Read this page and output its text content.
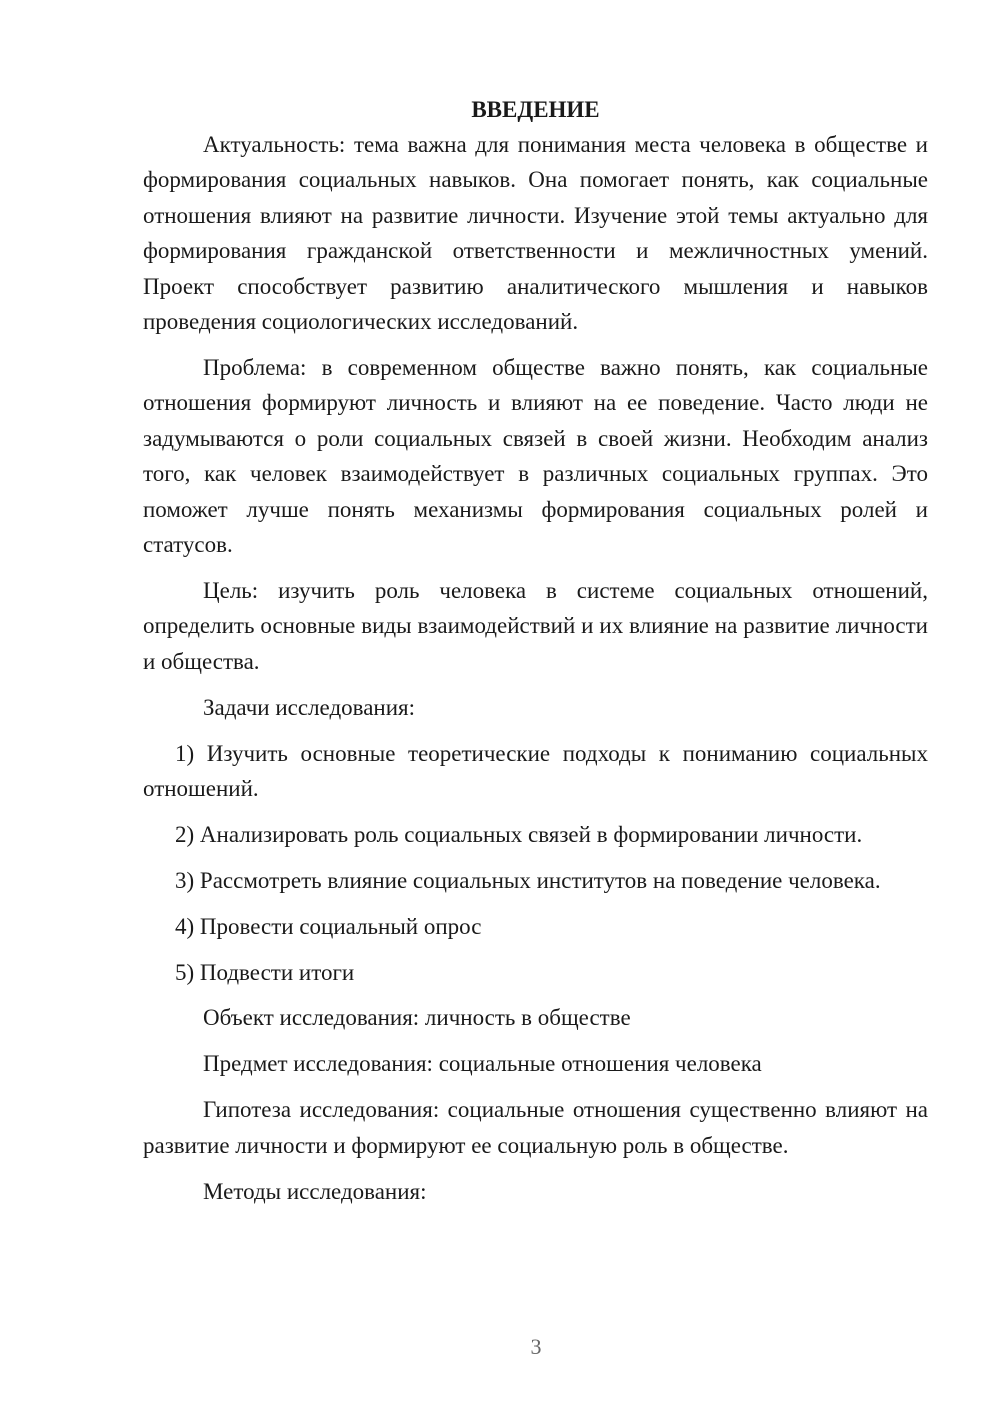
ВВЕДЕНИЕ

Актуальность: тема важна для понимания места человека в обществе и формирования социальных навыков. Она помогает понять, как социальные отношения влияют на развитие личности. Изучение этой темы актуально для формирования гражданской ответственности и межличностных умений. Проект способствует развитию аналитического мышления и навыков проведения социологических исследований.

Проблема: в современном обществе важно понять, как социальные отношения формируют личность и влияют на ее поведение. Часто люди не задумываются о роли социальных связей в своей жизни. Необходим анализ того, как человек взаимодействует в различных социальных группах. Это поможет лучше понять механизмы формирования социальных ролей и статусов.

Цель: изучить роль человека в системе социальных отношений, определить основные виды взаимодействий и их влияние на развитие личности и общества.

Задачи исследования:

1) Изучить основные теоретические подходы к пониманию социальных отношений.

2) Анализировать роль социальных связей в формировании личности.

3) Рассмотреть влияние социальных институтов на поведение человека.

4) Провести социальный опрос

5) Подвести итоги

Объект исследования: личность в обществе

Предмет исследования: социальные отношения человека

Гипотеза исследования: социальные отношения существенно влияют на развитие личности и формируют ее социальную роль в обществе.

Методы исследования:

3
